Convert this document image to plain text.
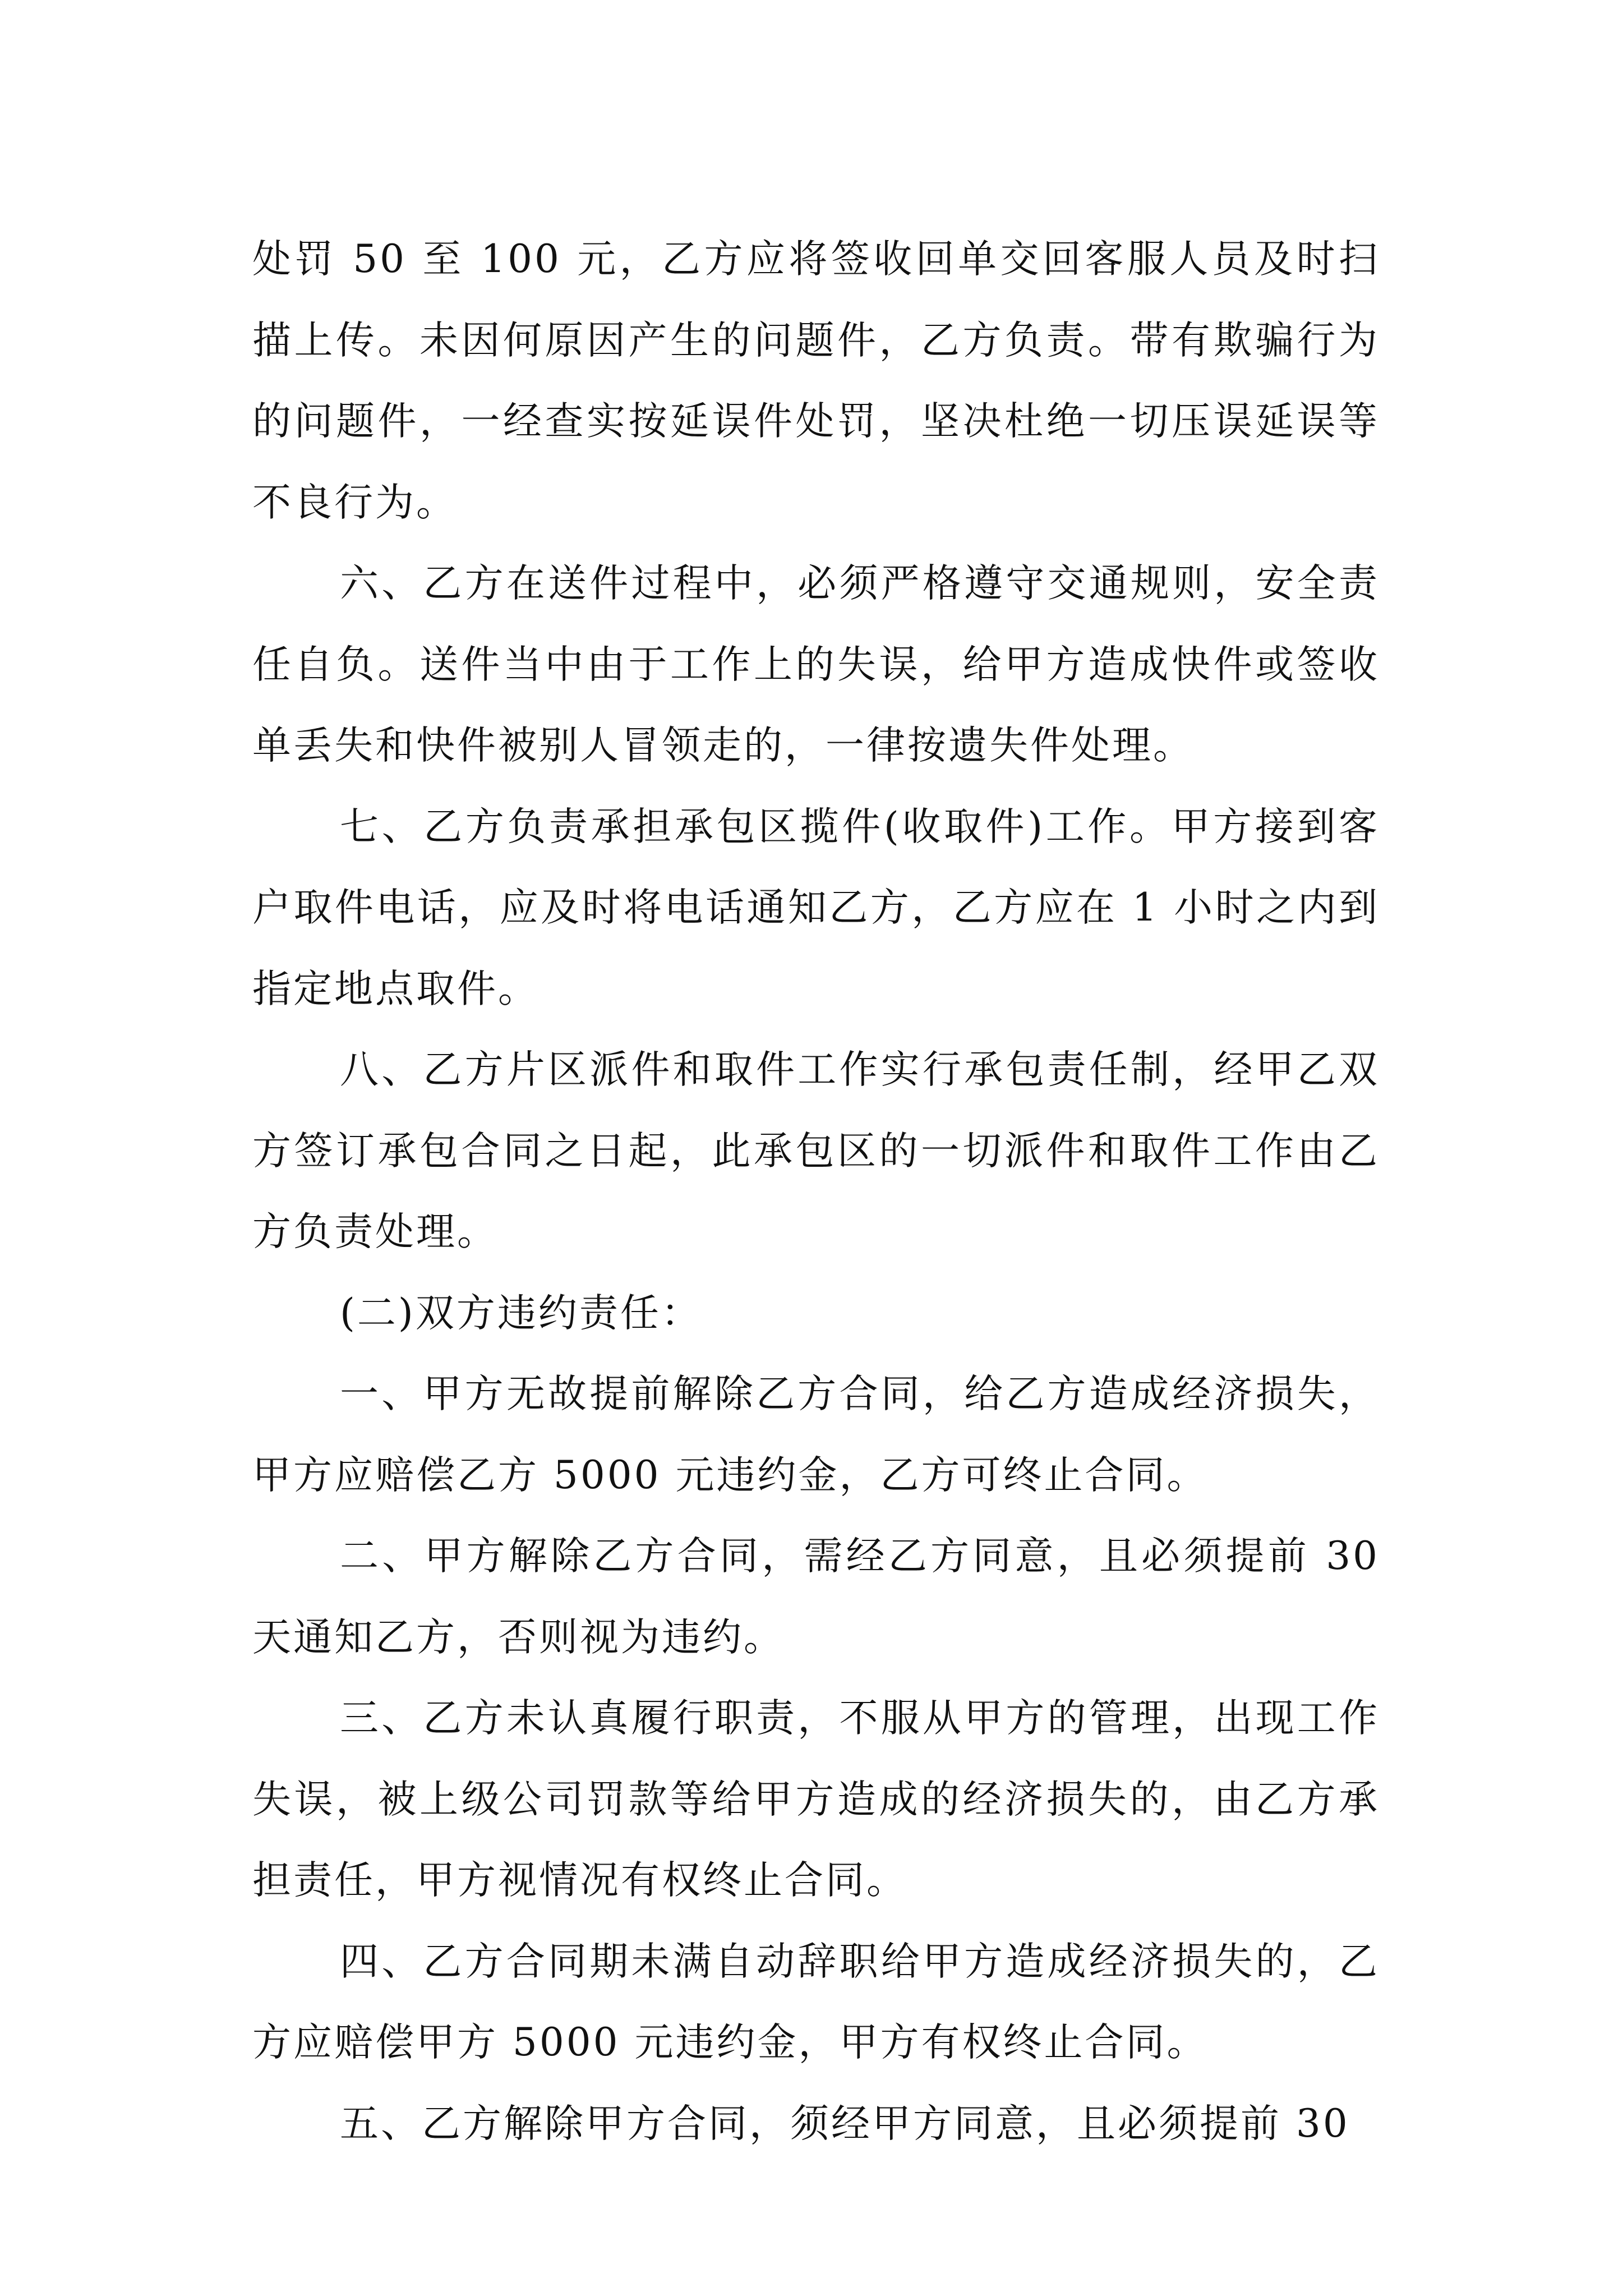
处罚 50 至 100 元，乙方应将签收回单交回客服人员及时扫描上传。未因何原因产生的问题件，乙方负责。带有欺骗行为的问题件，一经查实按延误件处罚，坚决杜绝一切压误延误等不良行为。

六、乙方在送件过程中，必须严格遵守交通规则，安全责任自负。送件当中由于工作上的失误，给甲方造成快件或签收单丢失和快件被别人冒领走的，一律按遗失件处理。

七、乙方负责承担承包区揽件(收取件)工作。甲方接到客户取件电话，应及时将电话通知乙方，乙方应在 1 小时之内到指定地点取件。

八、乙方片区派件和取件工作实行承包责任制，经甲乙双方签订承包合同之日起，此承包区的一切派件和取件工作由乙方负责处理。

(二)双方违约责任：

一、甲方无故提前解除乙方合同，给乙方造成经济损失，甲方应赔偿乙方 5000 元违约金，乙方可终止合同。

二、甲方解除乙方合同，需经乙方同意，且必须提前 30 天通知乙方，否则视为违约。

三、乙方未认真履行职责，不服从甲方的管理，出现工作失误，被上级公司罚款等给甲方造成的经济损失的，由乙方承担责任，甲方视情况有权终止合同。

四、乙方合同期未满自动辞职给甲方造成经济损失的，乙方应赔偿甲方 5000 元违约金，甲方有权终止合同。

五、乙方解除甲方合同，须经甲方同意，且必须提前 30
